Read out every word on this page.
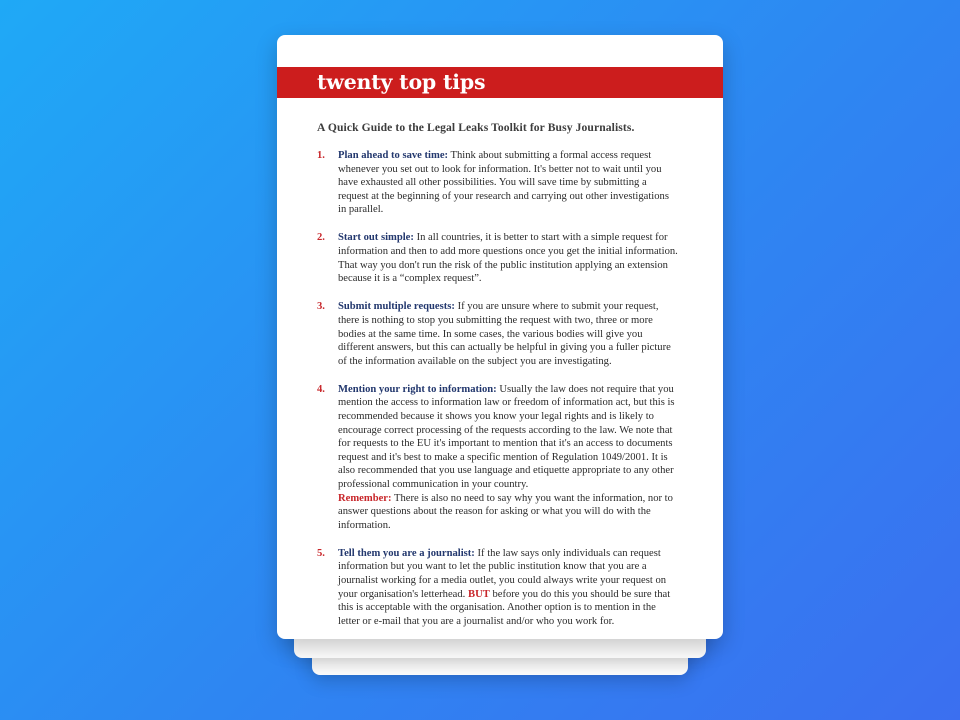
twenty top tips
A Quick Guide to the Legal Leaks Toolkit for Busy Journalists.
1. Plan ahead to save time: Think about submitting a formal access request whenever you set out to look for information. It's better not to wait until you have exhausted all other possibilities. You will save time by submitting a request at the beginning of your research and carrying out other investigations in parallel.
2. Start out simple: In all countries, it is better to start with a simple request for information and then to add more questions once you get the initial information. That way you don't run the risk of the public institution applying an extension because it is a “complex request”.
3. Submit multiple requests: If you are unsure where to submit your request, there is nothing to stop you submitting the request with two, three or more bodies at the same time. In some cases, the various bodies will give you different answers, but this can actually be helpful in giving you a fuller picture of the information available on the subject you are investigating.
4. Mention your right to information: Usually the law does not require that you mention the access to information law or freedom of information act, but this is recommended because it shows you know your legal rights and is likely to encourage correct processing of the requests according to the law. We note that for requests to the EU it's important to mention that it's an access to documents request and it's best to make a specific mention of Regulation 1049/2001. It is also recommended that you use language and etiquette appropriate to any other professional communication in your country.
Remember: There is also no need to say why you want the information, nor to answer questions about the reason for asking or what you will do with the information.
5. Tell them you are a journalist: If the law says only individuals can request information but you want to let the public institution know that you are a journalist working for a media outlet, you could always write your request on your organisation's letterhead. BUT before you do this you should be sure that this is acceptable with the organisation. Another option is to mention in the letter or e-mail that you are a journalist and/or who you work for.
